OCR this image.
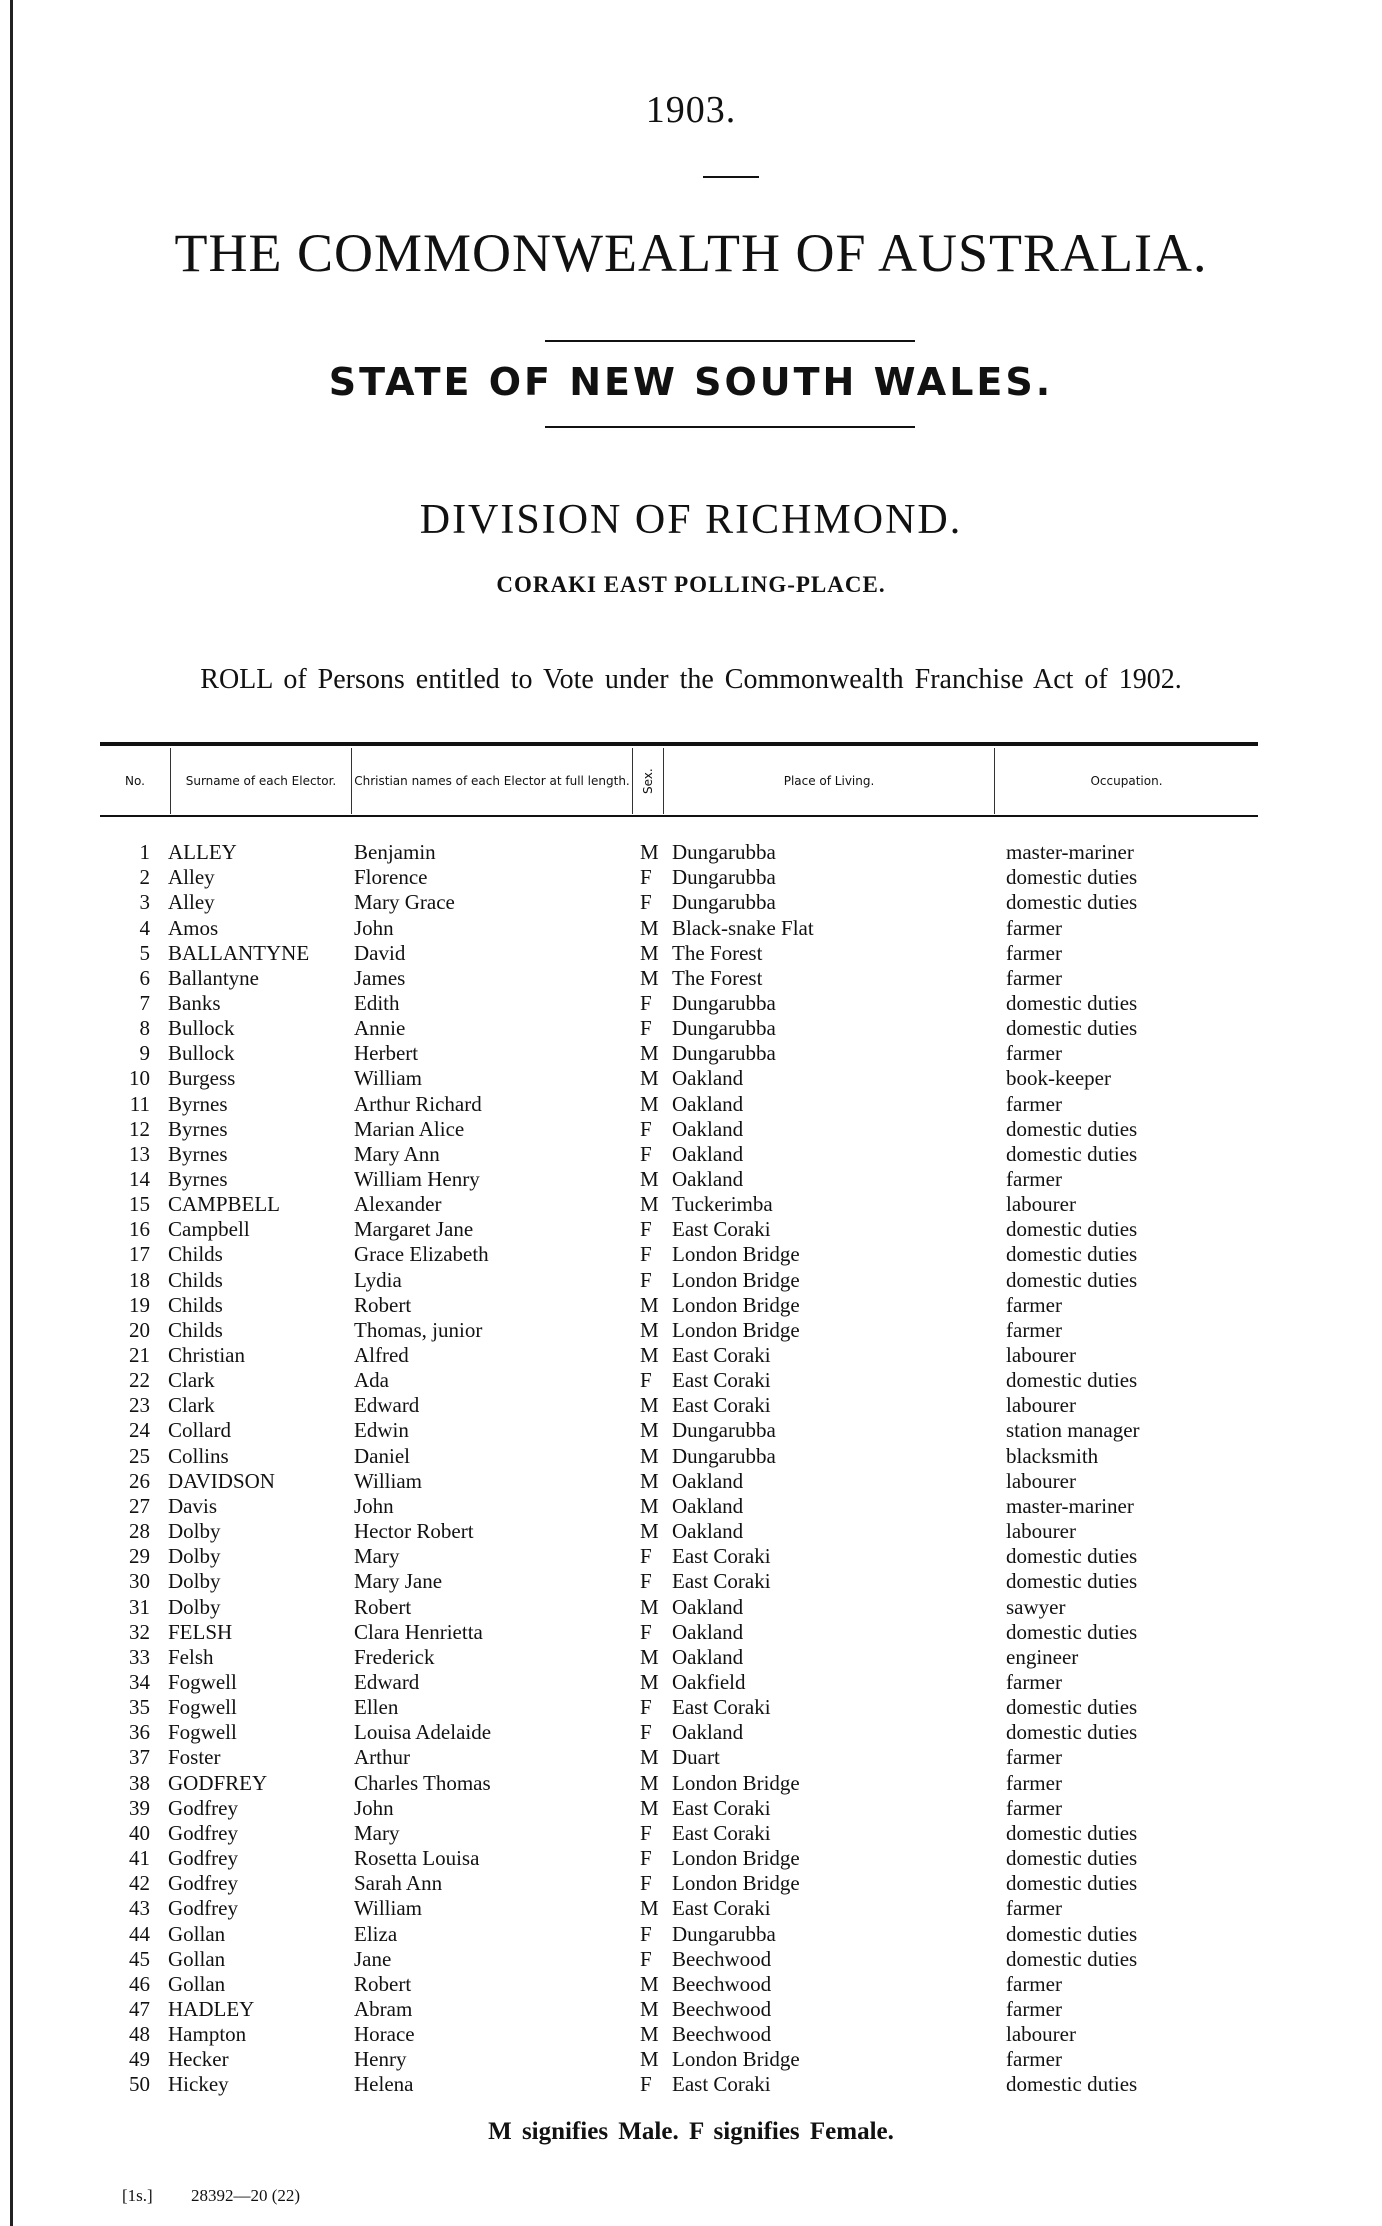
1903.
THE COMMONWEALTH OF AUSTRALIA.
STATE OF NEW SOUTH WALES.
DIVISION OF RICHMOND.
CORAKI EAST POLLING-PLACE.
ROLL of Persons entitled to Vote under the Commonwealth Franchise Act of 1902.
No.	Surname of each Elector.	Christian names of each Elector at full length. Sex.	Place of Living.	Occupation.
1 ALLEY	Benjamin	M Dungarubba	master-mariner
2 Alley	Florence	F Dungarubba	domestic duties
3 Alley	Mary Grace	F Dungarubba	domestic duties
4 Amos	John	M Black-snake Flat	farmer
5 BALLANTYNE David	M The Forest	farmer
6 Ballantyne	James	M The Forest	farmer
7 Banks	Edith	F Dungarubba	domestic duties
8 Bullock	Annie	F Dungarubba	domestic duties
9 Bullock	Herbert	M Dungarubba	farmer
10 Burgess	William	M Oakland	book-keeper
11 Byrnes	Arthur Richard	M Oakland	farmer
12 Byrnes	Marian Alice	F Oakland	domestic duties
13 Byrnes	Mary Ann	F Oakland	domestic duties
14 Byrnes	William Henry	M Oakland	farmer
15 CAMPBELL	Alexander	M Tuckerimba	labourer
16 Campbell	Margaret Jane	F East Coraki	domestic duties
17 Childs	Grace Elizabeth	F London Bridge	domestic duties
18 Childs	Lydia	F London Bridge	domestic duties
19 Childs	Robert	M London Bridge	farmer
20 Childs	Thomas, junior	M London Bridge	farmer
21 Christian	Alfred	M East Coraki	labourer
22 Clark	Ada	F East Coraki	domestic duties
23 Clark	Edward	M East Coraki	labourer
24 Collard	Edwin	M Dungarubba	station manager
25 Collins	Daniel	M Dungarubba	blacksmith
26 DAVIDSON	William	M Oakland	labourer
27 Davis	John	M Oakland	master-mariner
28 Dolby	Hector Robert	M Oakland	labourer
29 Dolby	Mary	F East Coraki	domestic duties
30 Dolby	Mary Jane	F East Coraki	domestic duties
31 Dolby	Robert	M Oakland	sawyer
32 FELSH	Clara Henrietta	F Oakland	domestic duties
33 Felsh	Frederick	M Oakland	engineer
34 Fogwell	Edward	M Oakfield	farmer
35 Fogwell	Ellen	F East Coraki	domestic duties
36 Fogwell	Louisa Adelaide	F Oakland	domestic duties
37 Foster	Arthur	M Duart	farmer
38 GODFREY	Charles Thomas	M London Bridge	farmer
39 Godfrey	John	M East Coraki	farmer
40 Godfrey	Mary	F East Coraki	domestic duties
41 Godfrey	Rosetta Louisa	F London Bridge	domestic duties
42 Godfrey	Sarah Ann	F London Bridge	domestic duties
43 Godfrey	William	M East Coraki	farmer
44 Gollan	Eliza	F Dungarubba	domestic duties
45 Gollan	Jane	F Beechwood	domestic duties
46 Gollan	Robert	M Beechwood	farmer
47 HADLEY	Abram	M Beechwood	farmer
48 Hampton	Horace	M Beechwood	labourer
49 Hecker	Henry	M London Bridge	farmer
50 Hickey	Helena	F East Coraki	domestic duties
M signifies Male. F signifies Female.
[1s.] 28392—20 (22)
